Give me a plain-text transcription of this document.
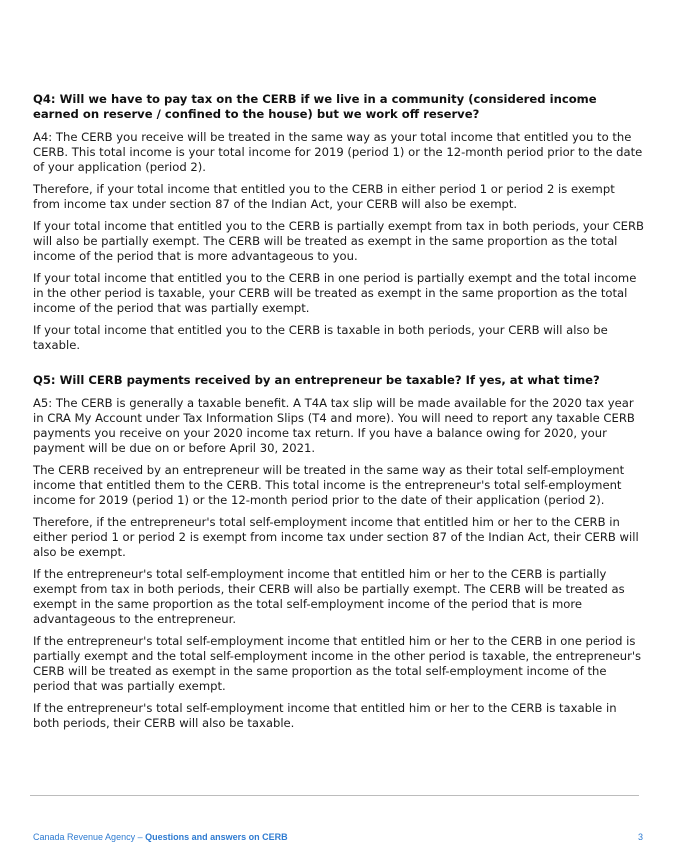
Q4: Will we have to pay tax on the CERB if we live in a community (considered income earned on reserve / confined to the house) but we work off reserve?

A4: The CERB you receive will be treated in the same way as your total income that entitled you to the CERB. This total income is your total income for 2019 (period 1) or the 12-month period prior to the date of your application (period 2).

Therefore, if your total income that entitled you to the CERB in either period 1 or period 2 is exempt from income tax under section 87 of the Indian Act, your CERB will also be exempt.

If your total income that entitled you to the CERB is partially exempt from tax in both periods, your CERB will also be partially exempt. The CERB will be treated as exempt in the same proportion as the total income of the period that is more advantageous to you.

If your total income that entitled you to the CERB in one period is partially exempt and the total income in the other period is taxable, your CERB will be treated as exempt in the same proportion as the total income of the period that was partially exempt.

If your total income that entitled you to the CERB is taxable in both periods, your CERB will also be taxable.

Q5: Will CERB payments received by an entrepreneur be taxable? If yes, at what time?

A5: The CERB is generally a taxable benefit. A T4A tax slip will be made available for the 2020 tax year in CRA My Account under Tax Information Slips (T4 and more). You will need to report any taxable CERB payments you receive on your 2020 income tax return. If you have a balance owing for 2020, your payment will be due on or before April 30, 2021.

The CERB received by an entrepreneur will be treated in the same way as their total self-employment income that entitled them to the CERB. This total income is the entrepreneur's total self-employment income for 2019 (period 1) or the 12-month period prior to the date of their application (period 2).

Therefore, if the entrepreneur's total self-employment income that entitled him or her to the CERB in either period 1 or period 2 is exempt from income tax under section 87 of the Indian Act, their CERB will also be exempt.

If the entrepreneur's total self-employment income that entitled him or her to the CERB is partially exempt from tax in both periods, their CERB will also be partially exempt. The CERB will be treated as exempt in the same proportion as the total self-employment income of the period that is more advantageous to the entrepreneur.

If the entrepreneur's total self-employment income that entitled him or her to the CERB in one period is partially exempt and the total self-employment income in the other period is taxable, the entrepreneur's CERB will be treated as exempt in the same proportion as the total self-employment income of the period that was partially exempt.

If the entrepreneur's total self-employment income that entitled him or her to the CERB is taxable in both periods, their CERB will also be taxable.

Canada Revenue Agency – Questions and answers on CERB	3
